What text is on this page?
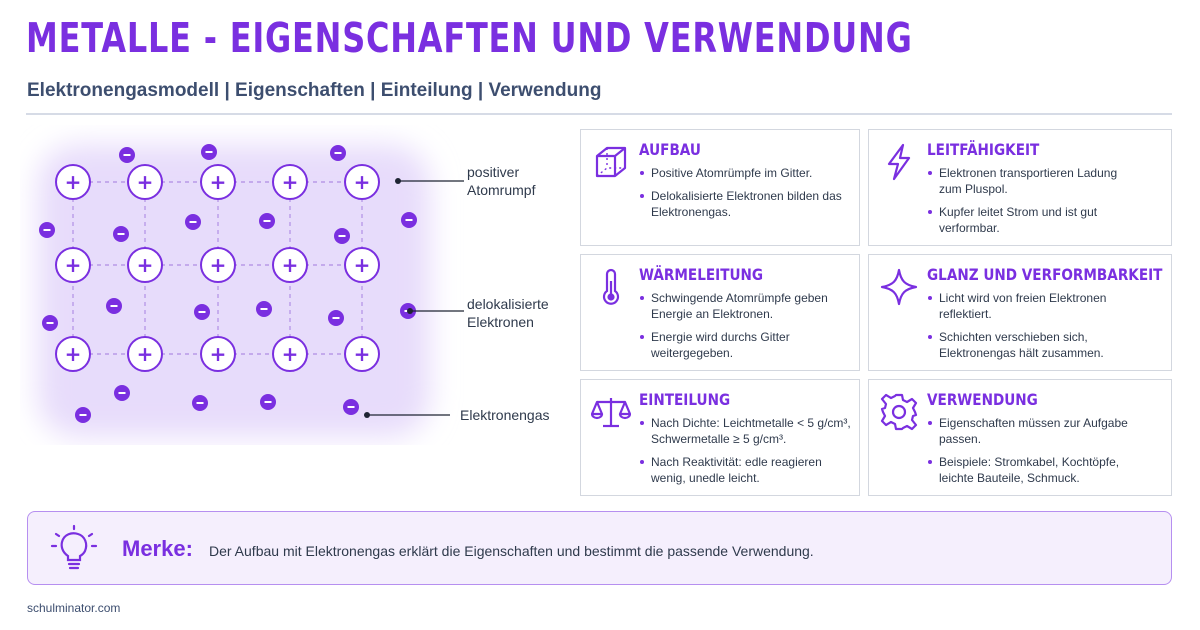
METALLE - EIGENSCHAFTEN UND VERWENDUNG
Elektronengasmodell | Eigenschaften | Einteilung | Verwendung
+	+	+	+	+
+	+	+	+	+
+	+	+	+	+
positiver
Atomrumpf
delokalisierte
Elektronen
Elektronengas
AUFBAU
Positive Atomrümpfe im Gitter.
Delokalisierte Elektronen bilden das Elektronengas.
LEITFÄHIGKEIT
Elektronen transportieren Ladung zum Pluspol.
Kupfer leitet Strom und ist gut verformbar.
WÄRMELEITUNG
Schwingende Atomrümpfe geben Energie an Elektronen.
Energie wird durchs Gitter weitergegeben.
GLANZ UND VERFORMBARKEIT
Licht wird von freien Elektronen reflektiert.
Schichten verschieben sich, Elektronengas hält zusammen.
EINTEILUNG
Nach Dichte: Leichtmetalle < 5 g/cm³, Schwermetalle ≥ 5 g/cm³.
Nach Reaktivität: edle reagieren wenig, unedle leicht.
VERWENDUNG
Eigenschaften müssen zur Aufgabe passen.
Beispiele: Stromkabel, Kochtöpfe, leichte Bauteile, Schmuck.
Merke: Der Aufbau mit Elektronengas erklärt die Eigenschaften und bestimmt die passende Verwendung.
schulminator.com
